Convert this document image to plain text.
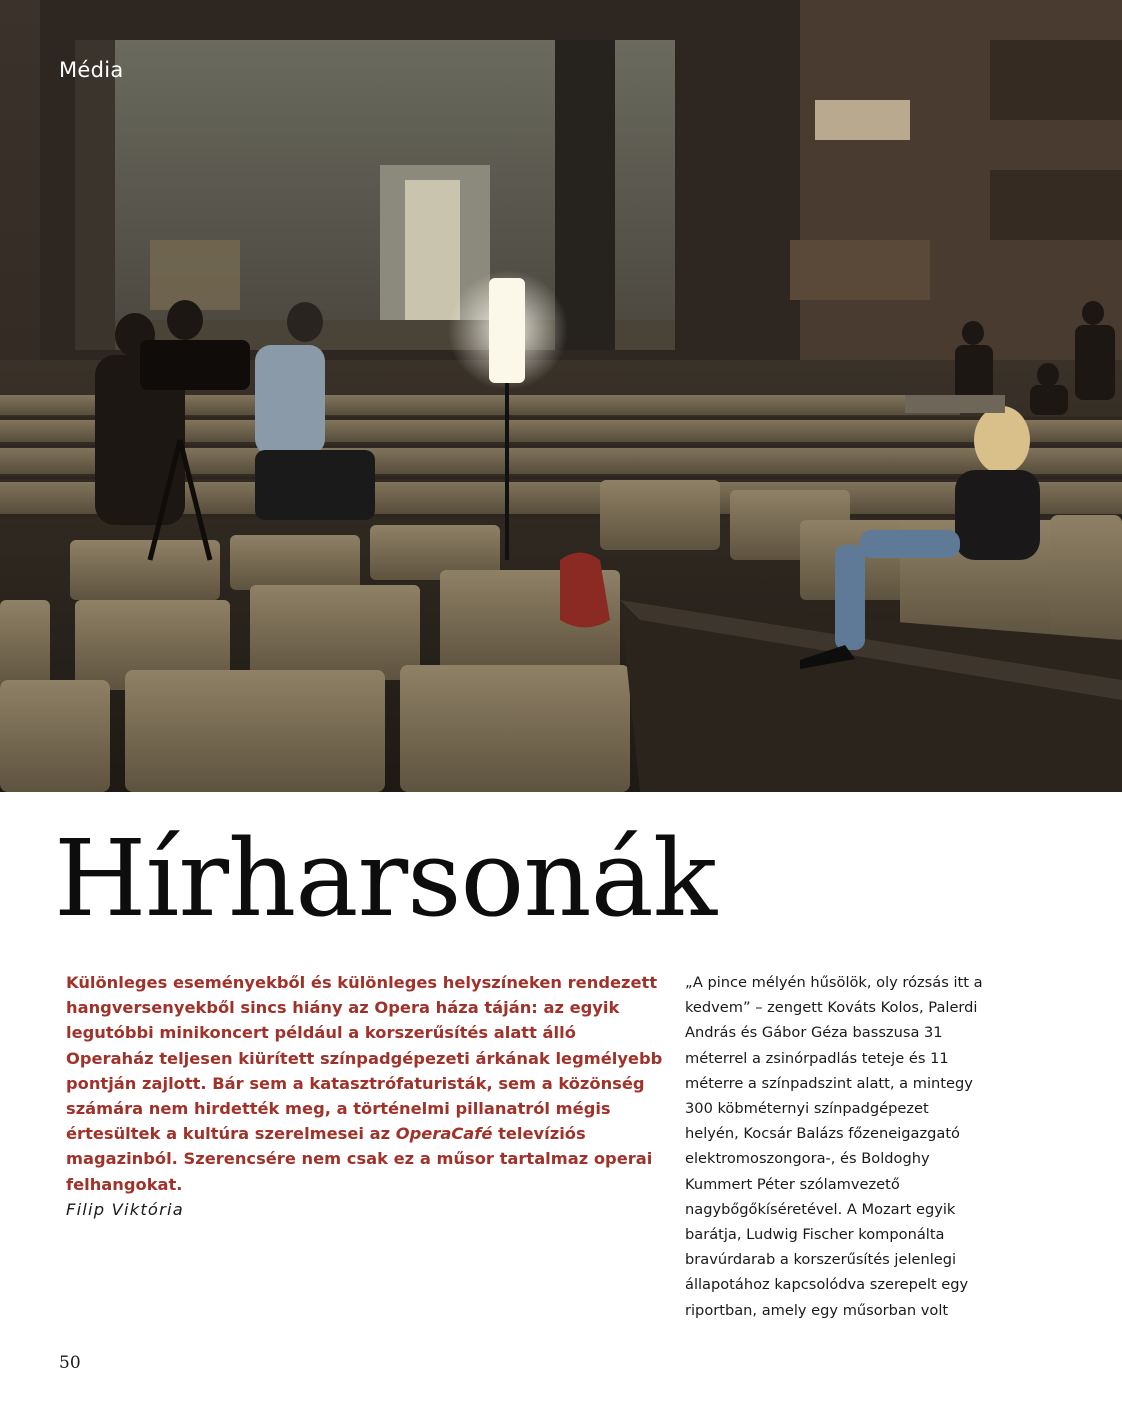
Média
Hírharsonák

Különleges eseményekből és különleges helyszíneken rendezett hangversenyekből sincs hiány az Opera háza táján: az egyik legutóbbi minikoncert például a korszerűsítés alatt álló Operaház teljesen kiürített színpadgépezeti árkának legmélyebb pontján zajlott. Bár sem a katasztrófaturisták, sem a közönség számára nem hirdették meg, a történelmi pillanatról mégis értesültek a kultúra szerelmesei az OperaCafé televíziós magazinból. Szerencsére nem csak ez a műsor tartalmaz operai felhangokat.

Filip Viktória

„A pince mélyén hűsölök, oly rózsás itt a kedvem” – zengett Kováts Kolos, Palerdi András és Gábor Géza basszusa 31 méterrel a zsinórpadlás teteje és 11 méterre a színpadszint alatt, a mintegy 300 köbméternyi színpadgépezet helyén, Kocsár Balázs főzeneigazgató elektromoszongora-, és Boldoghy Kummert Péter szólamvezető nagybőgőkíséretével. A Mozart egyik barátja, Ludwig Fischer komponálta bravúrdarab a korszerűsítés jelenlegi állapotához kapcsolódva szerepelt egy riportban, amely egy műsorban volt

50
